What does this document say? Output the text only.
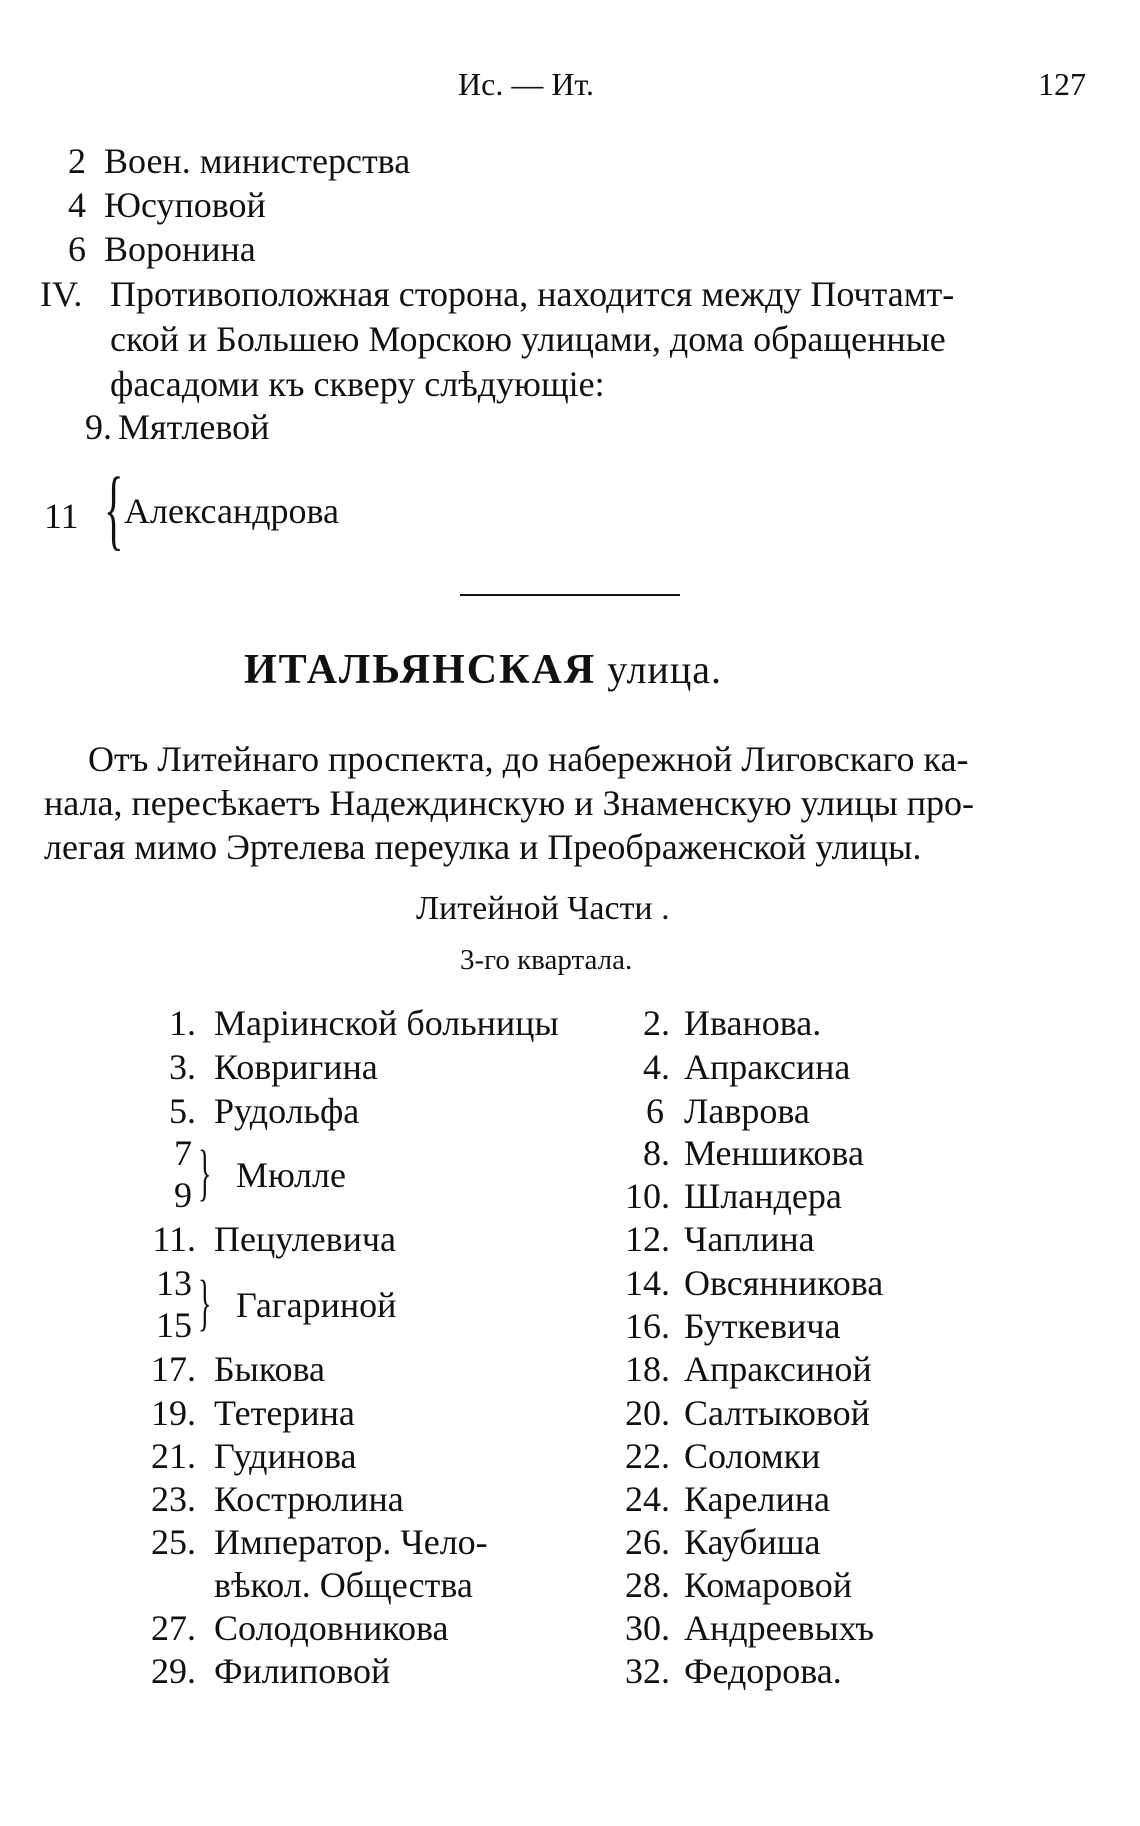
Ис. — Ит.	127
2 Воен. министерства
4 Юсуповой
6 Воронина
IV. Противоположная сторона, находится между Почтамт-
ской и Большею Морскою улицами, дома обращенные
фасадоми къ скверу слѣдующіе:
9. Мятлевой
11 { Александрова
ИТАЛЬЯНСКАЯ улица.
Отъ Литейнаго проспекта, до набережной Лиговскаго ка-
нала, пересѣкаетъ Надеждинскую и Знаменскую улицы про-
легая мимо Эртелева переулка и Преображенской улицы.
Литейной Части .
3-го квартала.
1. Маріинской больницы
3. Ковригина
5. Рудольфа
7
9 } Мюлле
11. Пецулевича
13
15 } Гагариной
17. Быкова
19. Тетерина
21. Гудинова
23. Кострюлина
25. Император. Чело-
вѣкол. Общества
27. Солодовникова
29. Филиповой
2. Иванова.
4. Апраксина
6 Лаврова
8. Меншикова
10. Шландера
12. Чаплина
14. Овсянникова
16. Буткевича
18. Апраксиной
20. Салтыковой
22. Соломки
24. Карелина
26. Каубиша
28. Комаровой
30. Андреевыхъ
32. Федорова.
